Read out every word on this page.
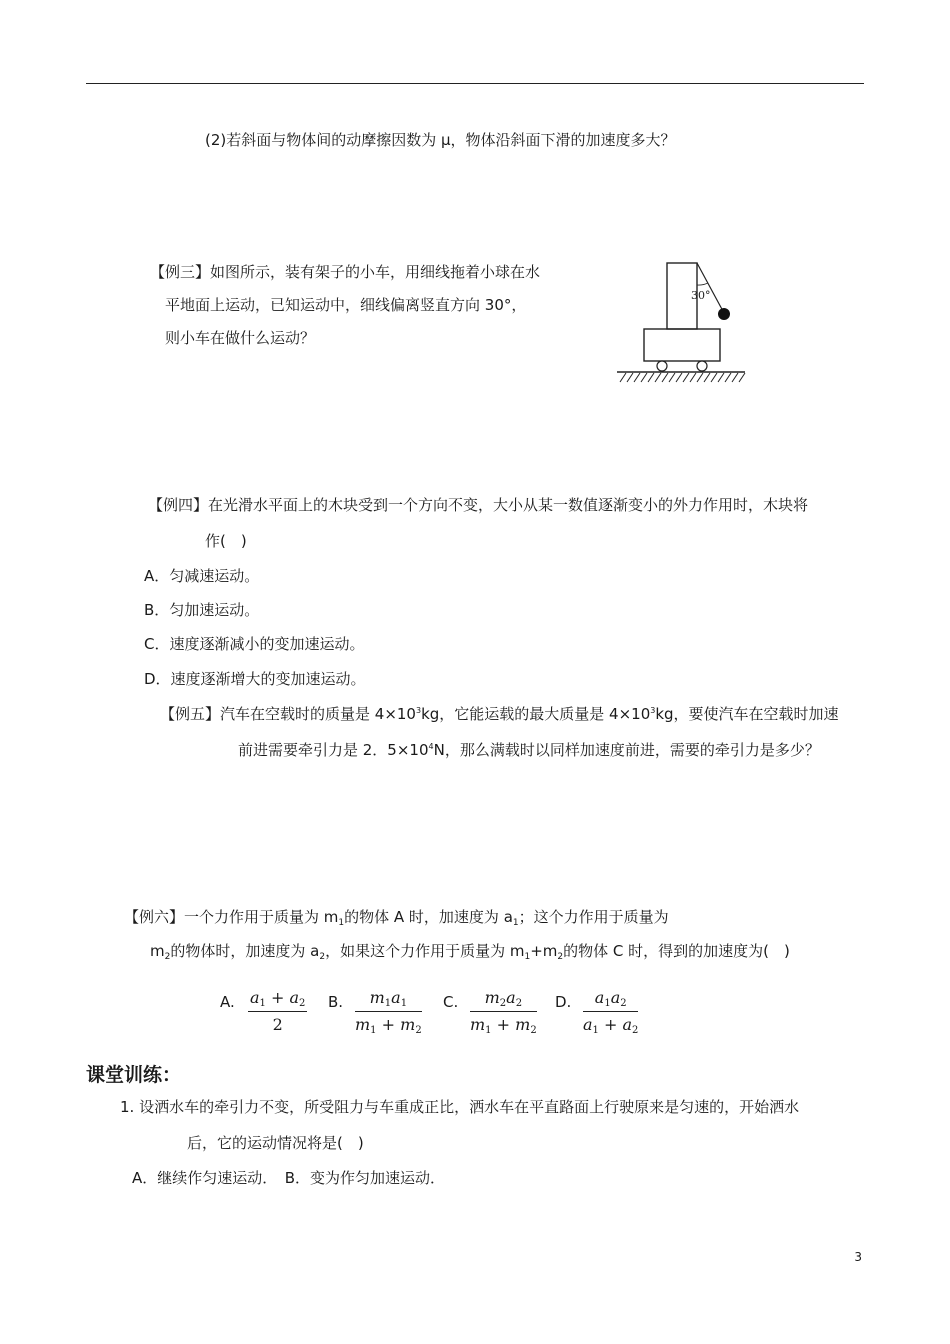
(2)若斜面与物体间的动摩擦因数为 μ，物体沿斜面下滑的加速度多大？
【例三】如图所示，装有架子的小车，用细线拖着小球在水
平地面上运动，已知运动中，细线偏离竖直方向 30°，
则小车在做什么运动？
30°
【例四】在光滑水平面上的木块受到一个方向不变，大小从某一数值逐渐变小的外力作用时，木块将
作(　)
A．匀减速运动。
B．匀加速运动。
C．速度逐渐减小的变加速运动。
D．速度逐渐增大的变加速运动。
【例五】汽车在空载时的质量是 $4\times 10^3kg$，它能运载的最大质量是 $4\times 10^3kg$，要使汽车在空载时加速
前进需要牵引力是 2．$5\times 10^4N$，那么满载时以同样加速度前进，需要的牵引力是多少？
【例六】一个力作用于质量为 $m_1$的物体 A 时，加速度为 $a_1$；这个力作用于质量为
$m_2$的物体时，加速度为 $a_2$，如果这个力作用于质量为 $m_1+m_2$的物体 C 时，得到的加速度为(　)
A. $\frac{a1 + a2}{2} B$. $\frac{m1a1}{m1 + m2} C$. $\frac{m2a2}{m1 + m2} D$. $\frac{a1a2}{a1 + a2}$
课堂训练：
1. 设洒水车的牵引力不变，所受阻力与车重成正比，洒水车在平直路面上行驶原来是匀速的，开始洒水
后，它的运动情况将是(　)
A．继续作匀速运动．　B．变为作匀加速运动．
3
